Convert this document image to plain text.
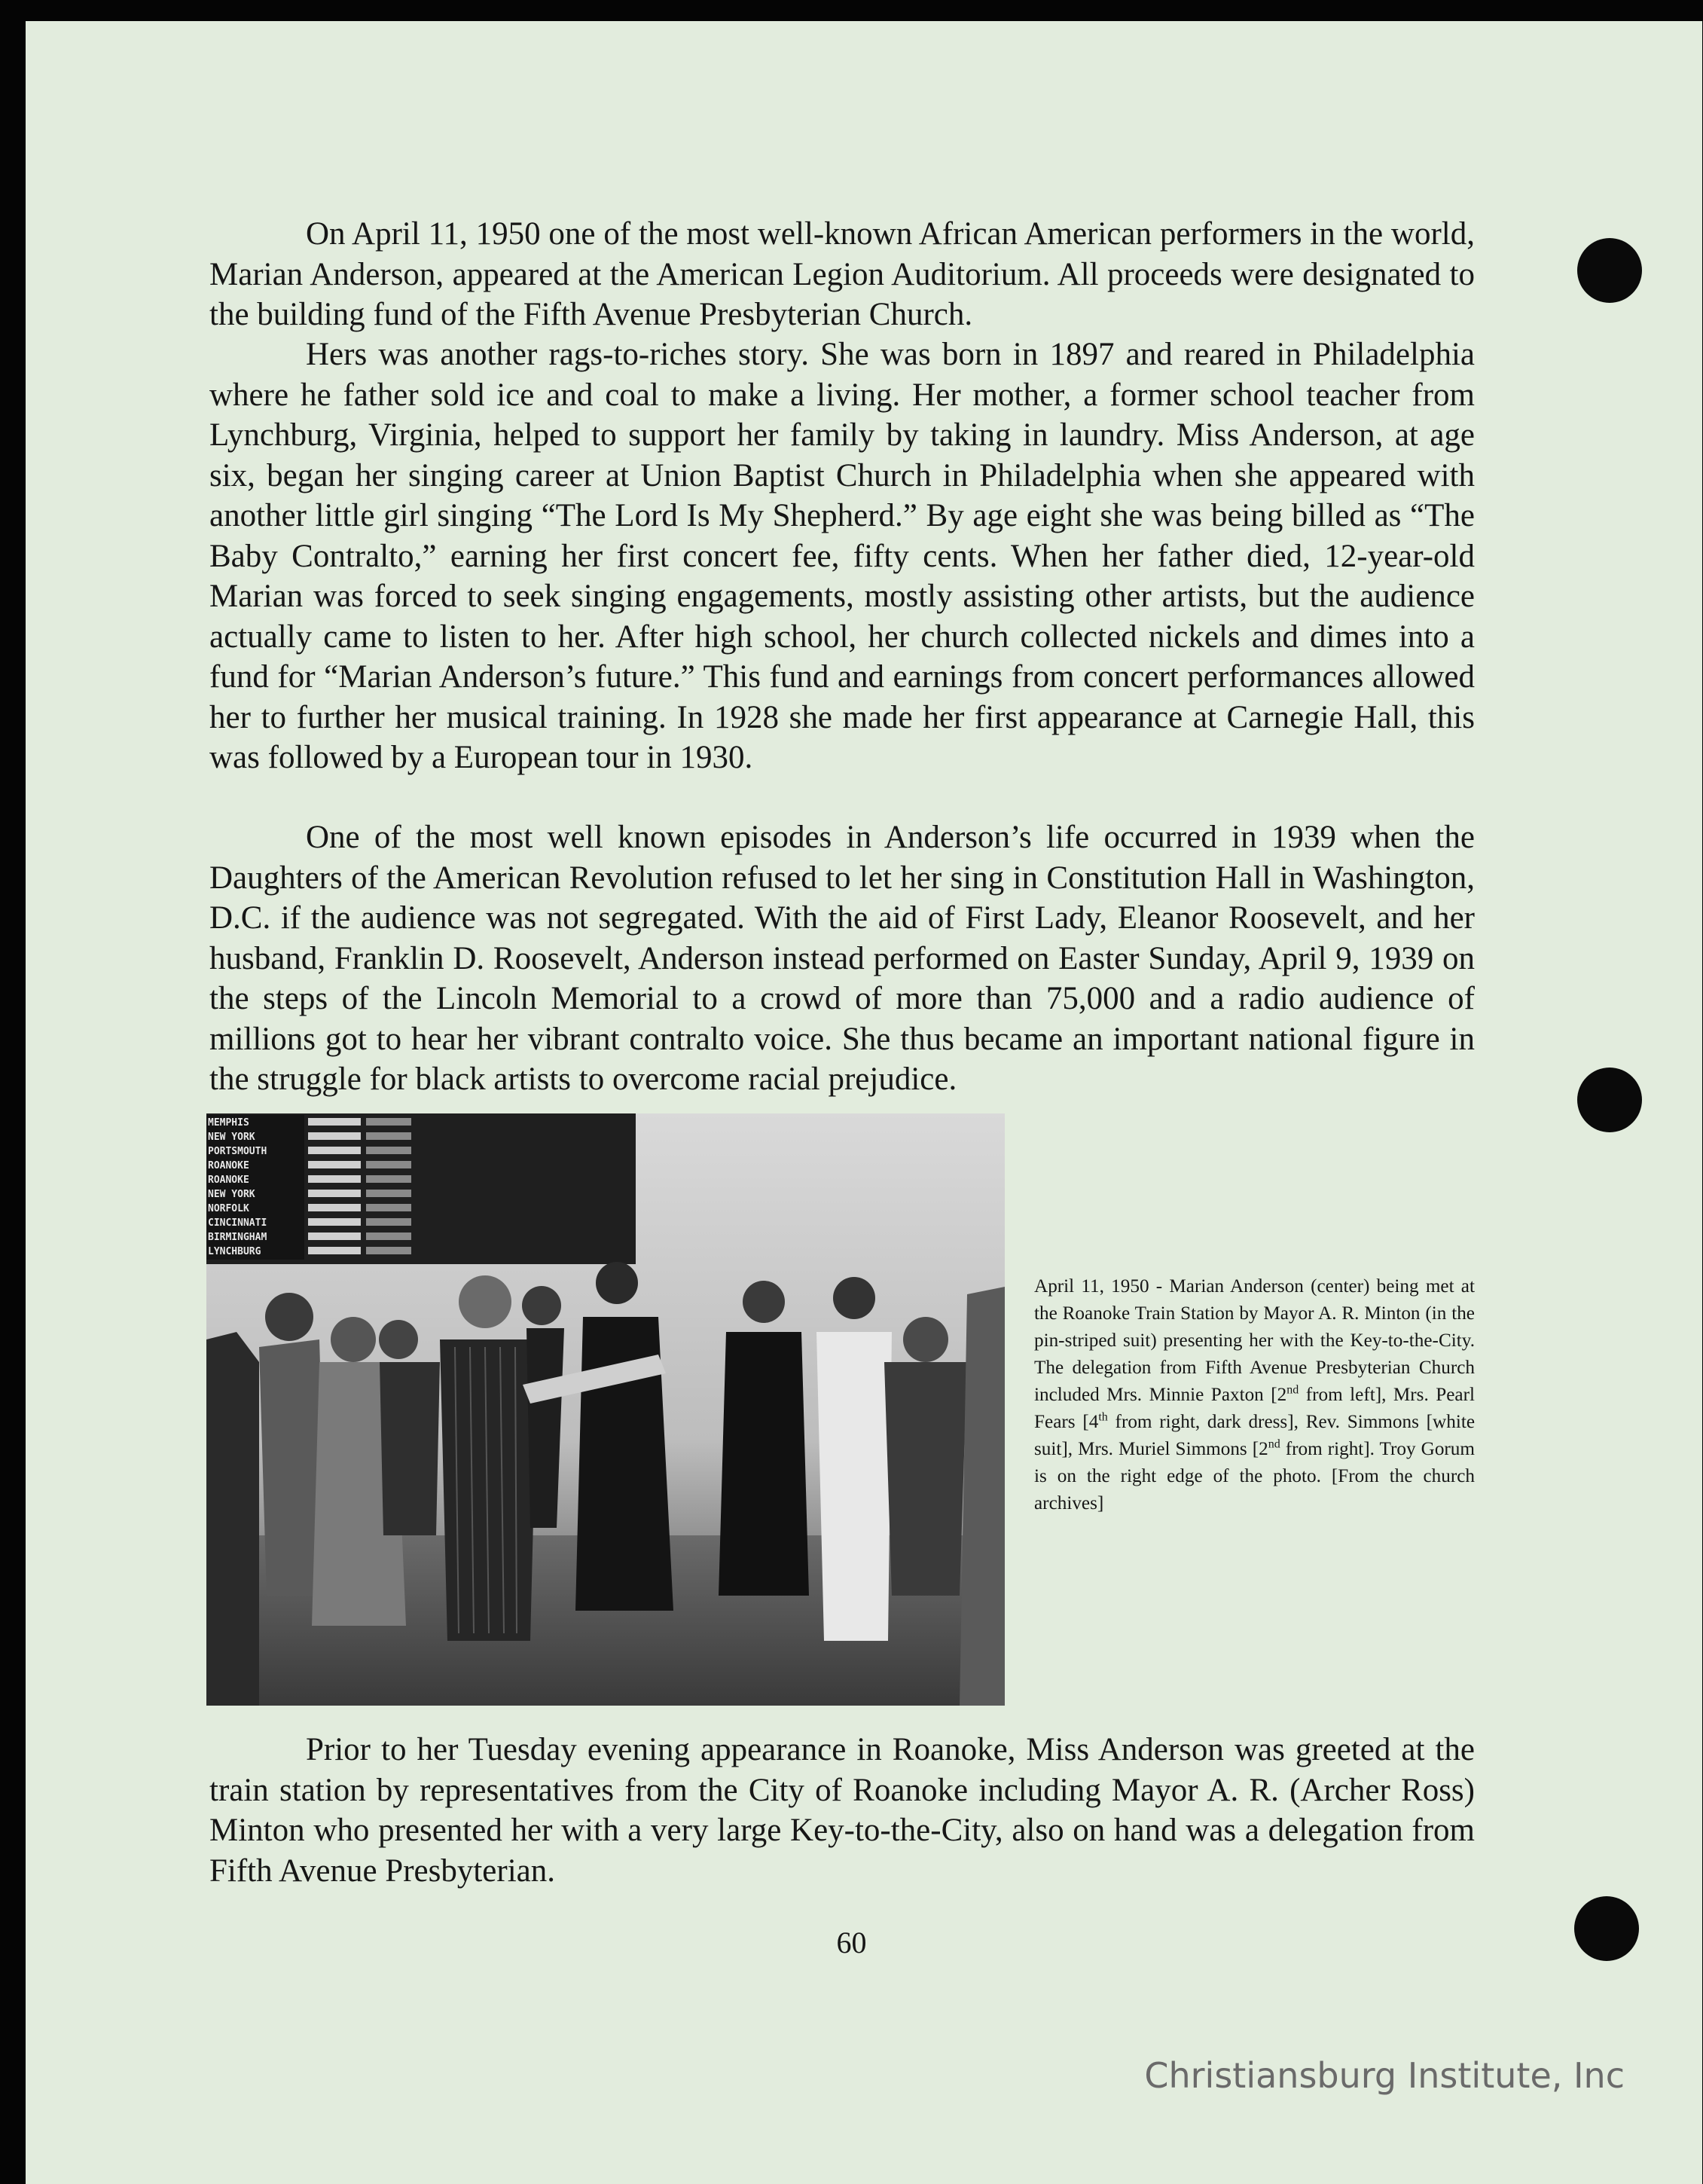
On April 11, 1950 one of the most well-known African American performers in the world, Marian Anderson, appeared at the American Legion Auditorium. All proceeds were designated to the building fund of the Fifth Avenue Presbyterian Church.

Hers was another rags-to-riches story. She was born in 1897 and reared in Philadelphia where he father sold ice and coal to make a living. Her mother, a former school teacher from Lynchburg, Virginia, helped to support her family by taking in laundry. Miss Anderson, at age six, began her singing career at Union Baptist Church in Philadelphia when she appeared with another little girl singing “The Lord Is My Shepherd.” By age eight she was being billed as “The Baby Contralto,” earning her first concert fee, fifty cents. When her father died, 12-year-old Marian was forced to seek singing engagements, mostly assisting other artists, but the audience actually came to listen to her. After high school, her church collected nickels and dimes into a fund for “Marian Anderson’s future.” This fund and earnings from concert performances allowed her to further her musical training. In 1928 she made her first appearance at Carnegie Hall, this was followed by a European tour in 1930.

One of the most well known episodes in Anderson’s life occurred in 1939 when the Daughters of the American Revolution refused to let her sing in Constitution Hall in Washington, D.C. if the audience was not segregated. With the aid of First Lady, Eleanor Roosevelt, and her husband, Franklin D. Roosevelt, Anderson instead performed on Easter Sunday, April 9, 1939 on the steps of the Lincoln Memorial to a crowd of more than 75,000 and a radio audience of millions got to hear her vibrant contralto voice. She thus became an important national figure in the struggle for black artists to overcome racial prejudice.

MEMPHIS
NEW YORK
PORTSMOUTH
ROANOKE
ROANOKE
NEW YORK
NORFOLK
CINCINNATI
BIRMINGHAM
LYNCHBURG

April 11, 1950 - Marian Anderson (center) being met at the Roanoke Train Station by Mayor A. R. Minton (in the pin-striped suit) presenting her with the Key-to-the-City. The delegation from Fifth Avenue Presbyterian Church included Mrs. Minnie Paxton [2nd from left], Mrs. Pearl Fears [4th from right, dark dress], Rev. Simmons [white suit], Mrs. Muriel Simmons [2nd from right]. Troy Gorum is on the right edge of the photo. [From the church archives]

Prior to her Tuesday evening appearance in Roanoke, Miss Anderson was greeted at the train station by representatives from the City of Roanoke including Mayor A. R. (Archer Ross) Minton who presented her with a very large Key-to-the-City, also on hand was a delegation from Fifth Avenue Presbyterian.

60
Christiansburg Institute, Inc
